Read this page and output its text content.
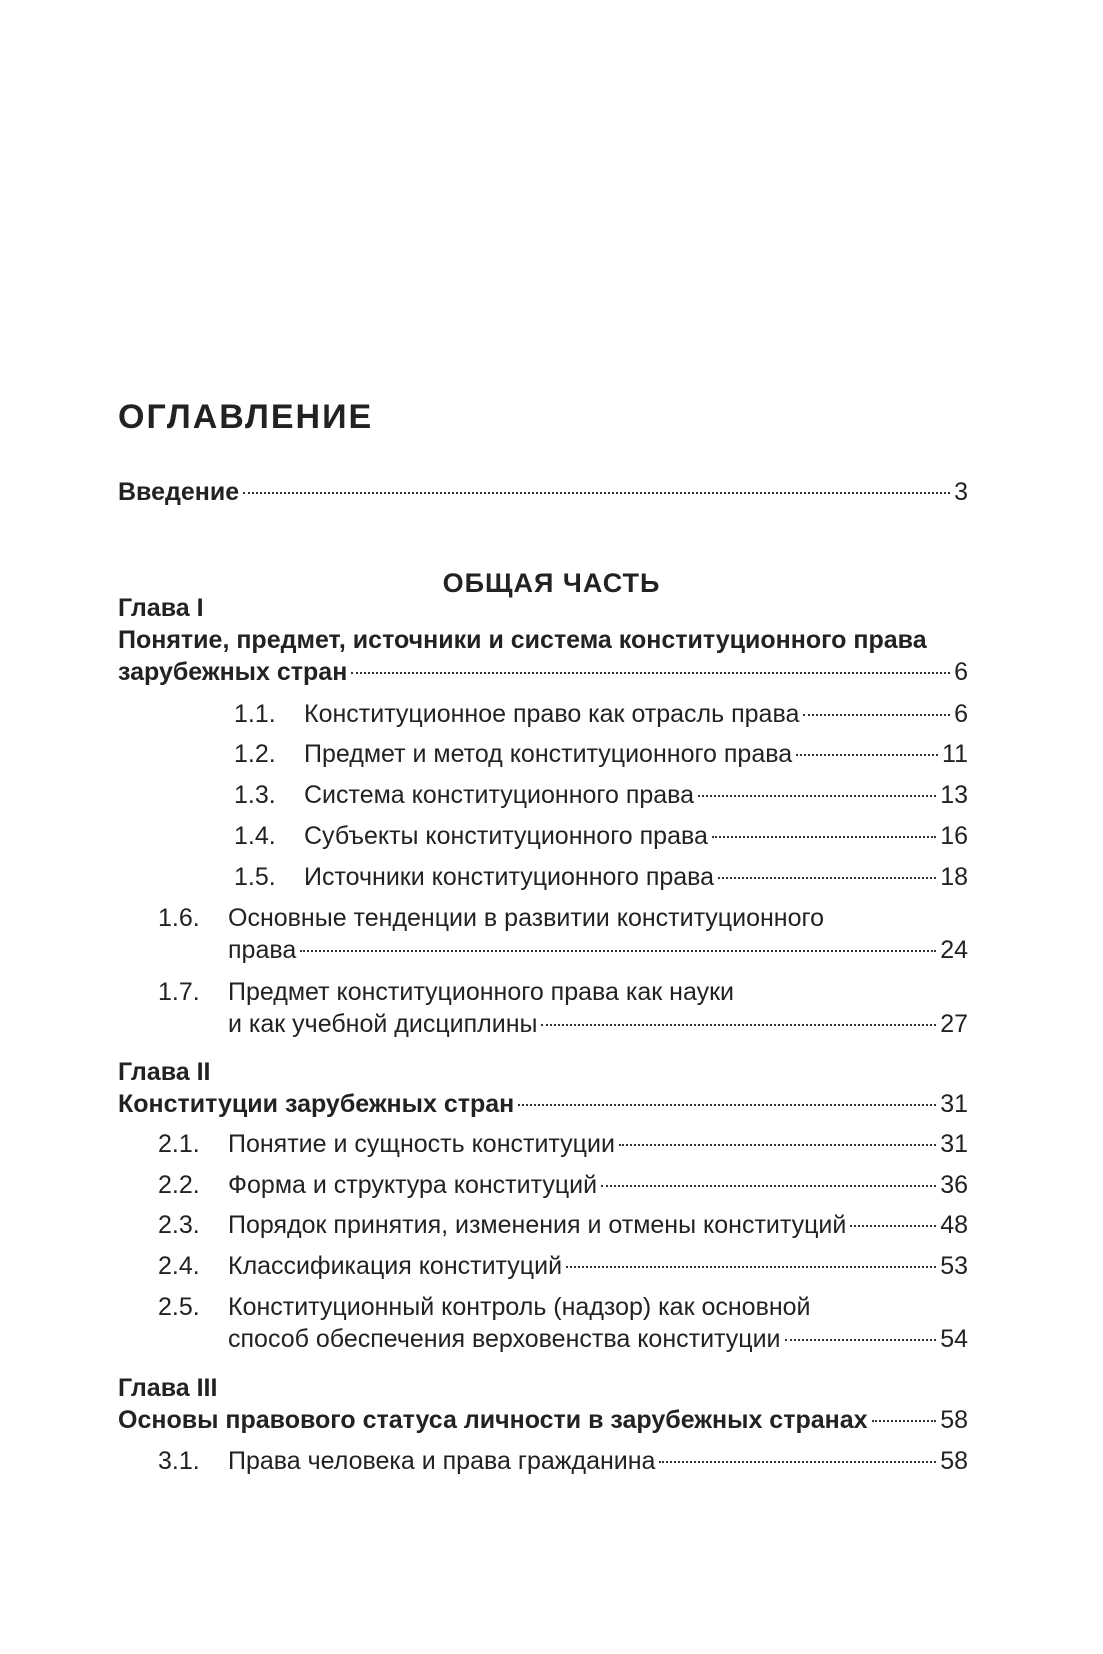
ОГЛАВЛЕНИЕ
Введение	3
ОБЩАЯ ЧАСТЬ
Глава I
Понятие, предмет, источники и система конституционного права
зарубежных стран	6
1.1.	Конституционное право как отрасль права	6
1.2.	Предмет и метод конституционного права	11
1.3.	Система конституционного права	13
1.4.	Субъекты конституционного права	16
1.5.	Источники конституционного права	18
1.6. Основные тенденции в развитии конституционного
права	24
1.7. Предмет конституционного права как науки
и как учебной дисциплины	27
Глава II
Конституции зарубежных стран	31
2.1.	Понятие и сущность конституции	31
2.2.	Форма и структура конституций	36
2.3.	Порядок принятия, изменения и отмены конституций	48
2.4.	Классификация конституций	53
2.5. Конституционный контроль (надзор) как основной
способ обеспечения верховенства конституции	54
Глава III
Основы правового статуса личности в зарубежных странах	58
3.1.	Права человека и права гражданина	58
